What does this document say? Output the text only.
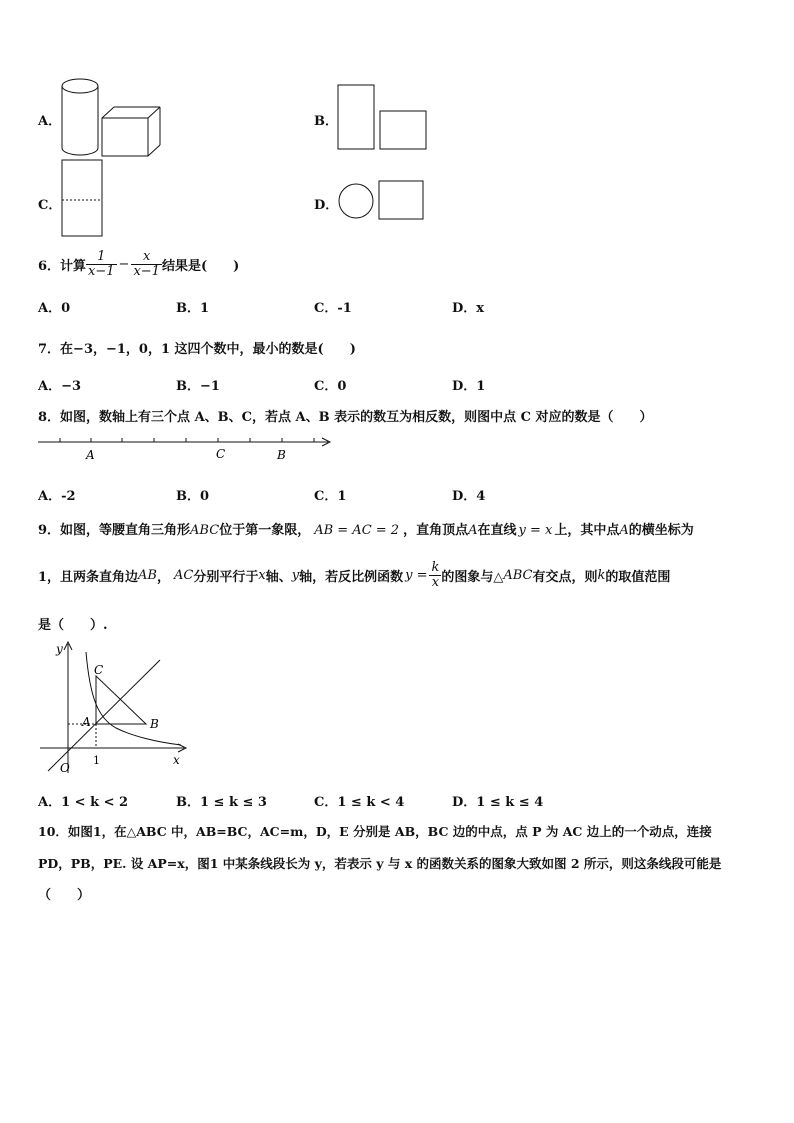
A．	B．
C．	D．
6．计算 $\frac{1}{x-1} - \frac{x}{x-1}$ 结果是(　　)
A．0	B．1	C．-1	D．x
7．在−3，−1，0，1 这四个数中，最小的数是(　　)
A．−3	B．−1	C．0	D．1
8．如图，数轴上有三个点 A、B、C，若点 A、B 表示的数互为相反数，则图中点 C 对应的数是（　　）
A	C	B
A．-2	B．0	C．1	D．4
9．如图，等腰直角三角形ABC位于第一象限， AB = AC = 2 ，直角顶点A在直线 y = x 上，其中点A的横坐标为
1，且两条直角边 AB ， AC 分别平行于 x 轴、 y 轴，若反比例函数 $y = \frac{k}{x}$ 的图象与△ ABC 有交点，则 k 的取值范围
是（　　）.
y
C
A	B
O
1	x
A．1 < k < 2	B．1 ≤ k ≤ 3	C．1 ≤ k < 4	D．1 ≤ k ≤ 4
10．如图1，在△ABC 中，AB=BC，AC=m，D，E 分别是 AB，BC 边的中点，点 P 为 AC 边上的一个动点，连接
PD，PB，PE. 设 AP=x，图1 中某条线段长为 y，若表示 y 与 x 的函数关系的图象大致如图 2 所示，则这条线段可能是
（　　）
